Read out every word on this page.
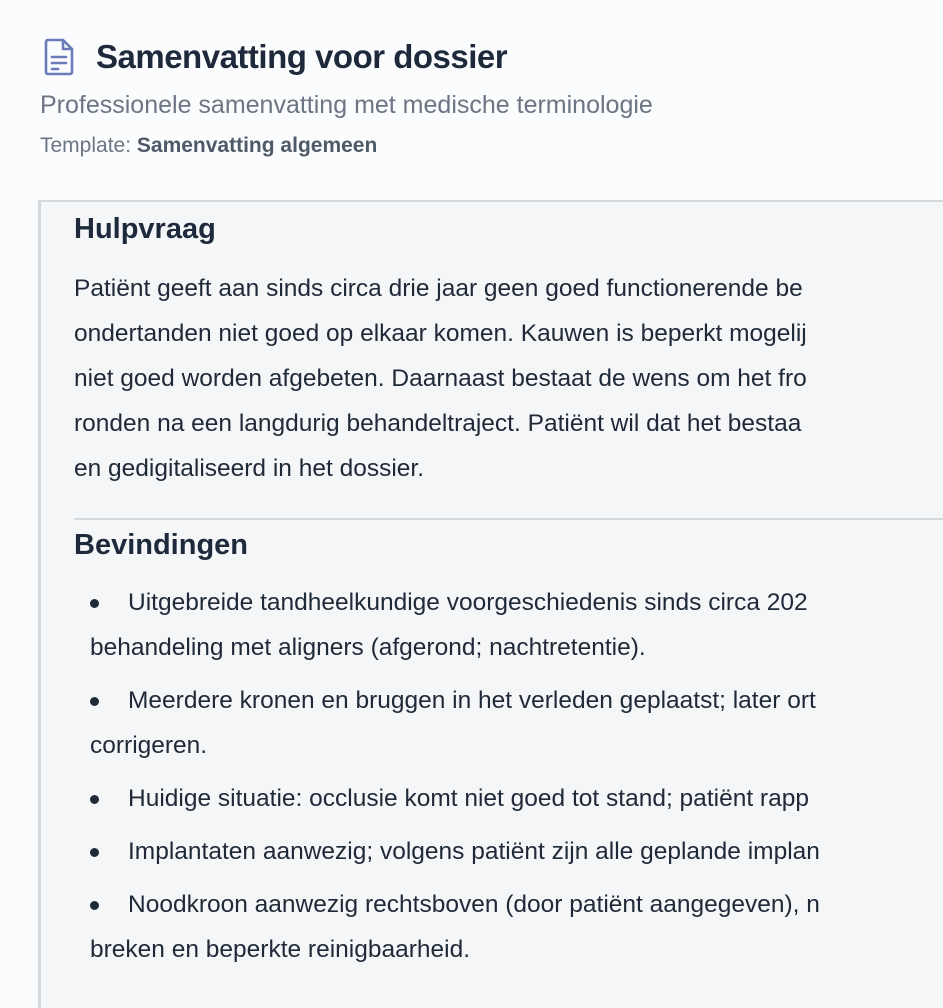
Samenvatting voor dossier
Professionele samenvatting met medische terminologie
Template: Samenvatting algemeen
Hulpvraag
Patiënt geeft aan sinds circa drie jaar geen goed functionerende be
ondertanden niet goed op elkaar komen. Kauwen is beperkt mogelij
niet goed worden afgebeten. Daarnaast bestaat de wens om het fro
ronden na een langdurig behandeltraject. Patiënt wil dat het bestaa
en gedigitaliseerd in het dossier.
Bevindingen
Uitgebreide tandheelkundige voorgeschiedenis sinds circa 202
behandeling met aligners (afgerond; nachtretentie).
Meerdere kronen en bruggen in het verleden geplaatst; later ort
corrigeren.
Huidige situatie: occlusie komt niet goed tot stand; patiënt rapp
Implantaten aanwezig; volgens patiënt zijn alle geplande implan
Noodkroon aanwezig rechtsboven (door patiënt aangegeven), n
breken en beperkte reinigbaarheid.
